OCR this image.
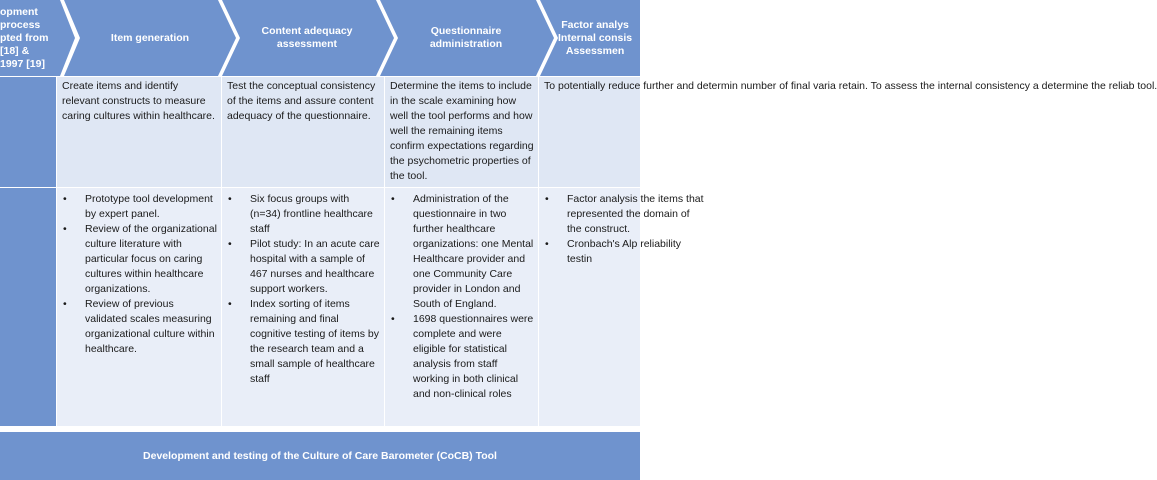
opment
process
pted from
[18] &
1997 [19]
Item generation
Content adequacy
assessment
Questionnaire
administration
Factor analys
Internal consis
Assessmen
Create items and identify relevant constructs to measure caring cultures within healthcare.
Test the conceptual consistency of the items and assure content adequacy of the questionnaire.
Determine the items to include in the scale examining how well the tool performs and how well the remaining items confirm expectations regarding the psychometric properties of the tool.
To potentially reduce further and determin number of final varia retain. To assess the internal consistency a determine the reliab tool.
• Prototype tool development by expert panel.
• Review of the organizational culture literature with particular focus on caring cultures within healthcare organizations.
• Review of previous validated scales measuring organizational culture within healthcare.
• Six focus groups with (n=34) frontline healthcare staff
• Pilot study: In an acute care hospital with a sample of 467 nurses and healthcare support workers.
• Index sorting of items remaining and final cognitive testing of items by the research team and a small sample of healthcare staff
• Administration of the questionnaire in two further healthcare organizations: one Mental Healthcare provider and one Community Care provider in London and South of England.
• 1698 questionnaires were complete and were eligible for statistical analysis from staff working in both clinical and non-clinical roles
• Factor analysis the items that represented the domain of the construct.
• Cronbach's Alp reliability testin
Development and testing of the Culture of Care Barometer (CoCB) Tool
